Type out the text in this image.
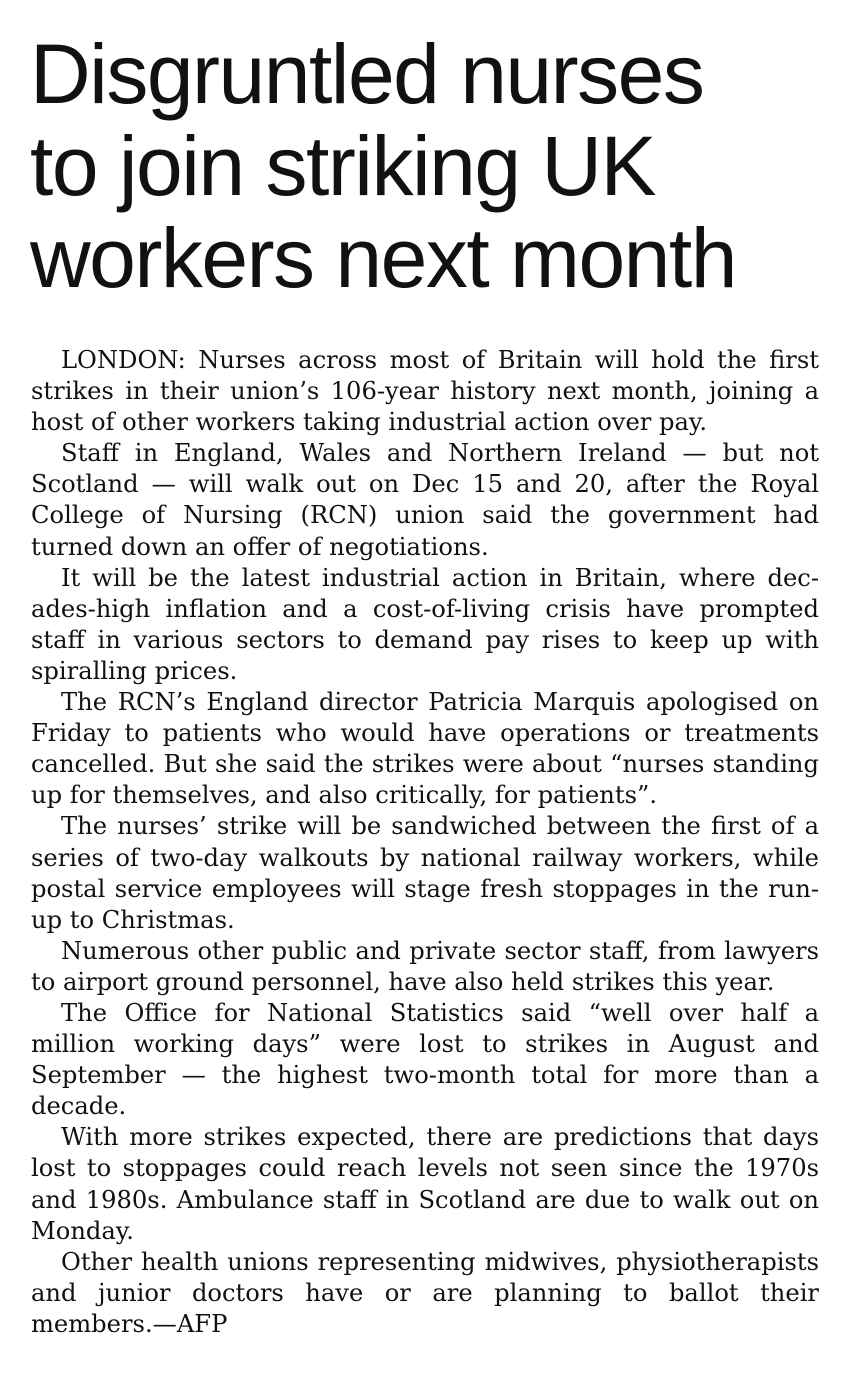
Disgruntled nurses
to join striking UK
workers next month

LONDON: Nurses across most of Britain will hold the first strikes in their union’s 106-year history next month, joining a host of other workers taking industrial action over pay.

Staff in England, Wales and Northern Ireland — but not Scotland — will walk out on Dec 15 and 20, after the Royal College of Nursing (RCN) union said the government had turned down an offer of negotiations.

It will be the latest industrial action in Britain, where decades-high inflation and a cost-of-living crisis have prompted staff in various sectors to demand pay rises to keep up with spiralling prices.

The RCN’s England director Patricia Marquis apologised on Friday to patients who would have operations or treatments cancelled. But she said the strikes were about “nurses standing up for themselves, and also critically, for patients”.

The nurses’ strike will be sandwiched between the first of a series of two-day walkouts by national railway workers, while postal service employees will stage fresh stoppages in the run-up to Christmas.

Numerous other public and private sector staff, from lawyers to airport ground personnel, have also held strikes this year.

The Office for National Statistics said “well over half a million working days” were lost to strikes in August and September — the highest two-month total for more than a decade.

With more strikes expected, there are predictions that days lost to stoppages could reach levels not seen since the 1970s and 1980s. Ambulance staff in Scotland are due to walk out on Monday.

Other health unions representing midwives, physiotherapists and junior doctors have or are planning to ballot their members.—AFP
